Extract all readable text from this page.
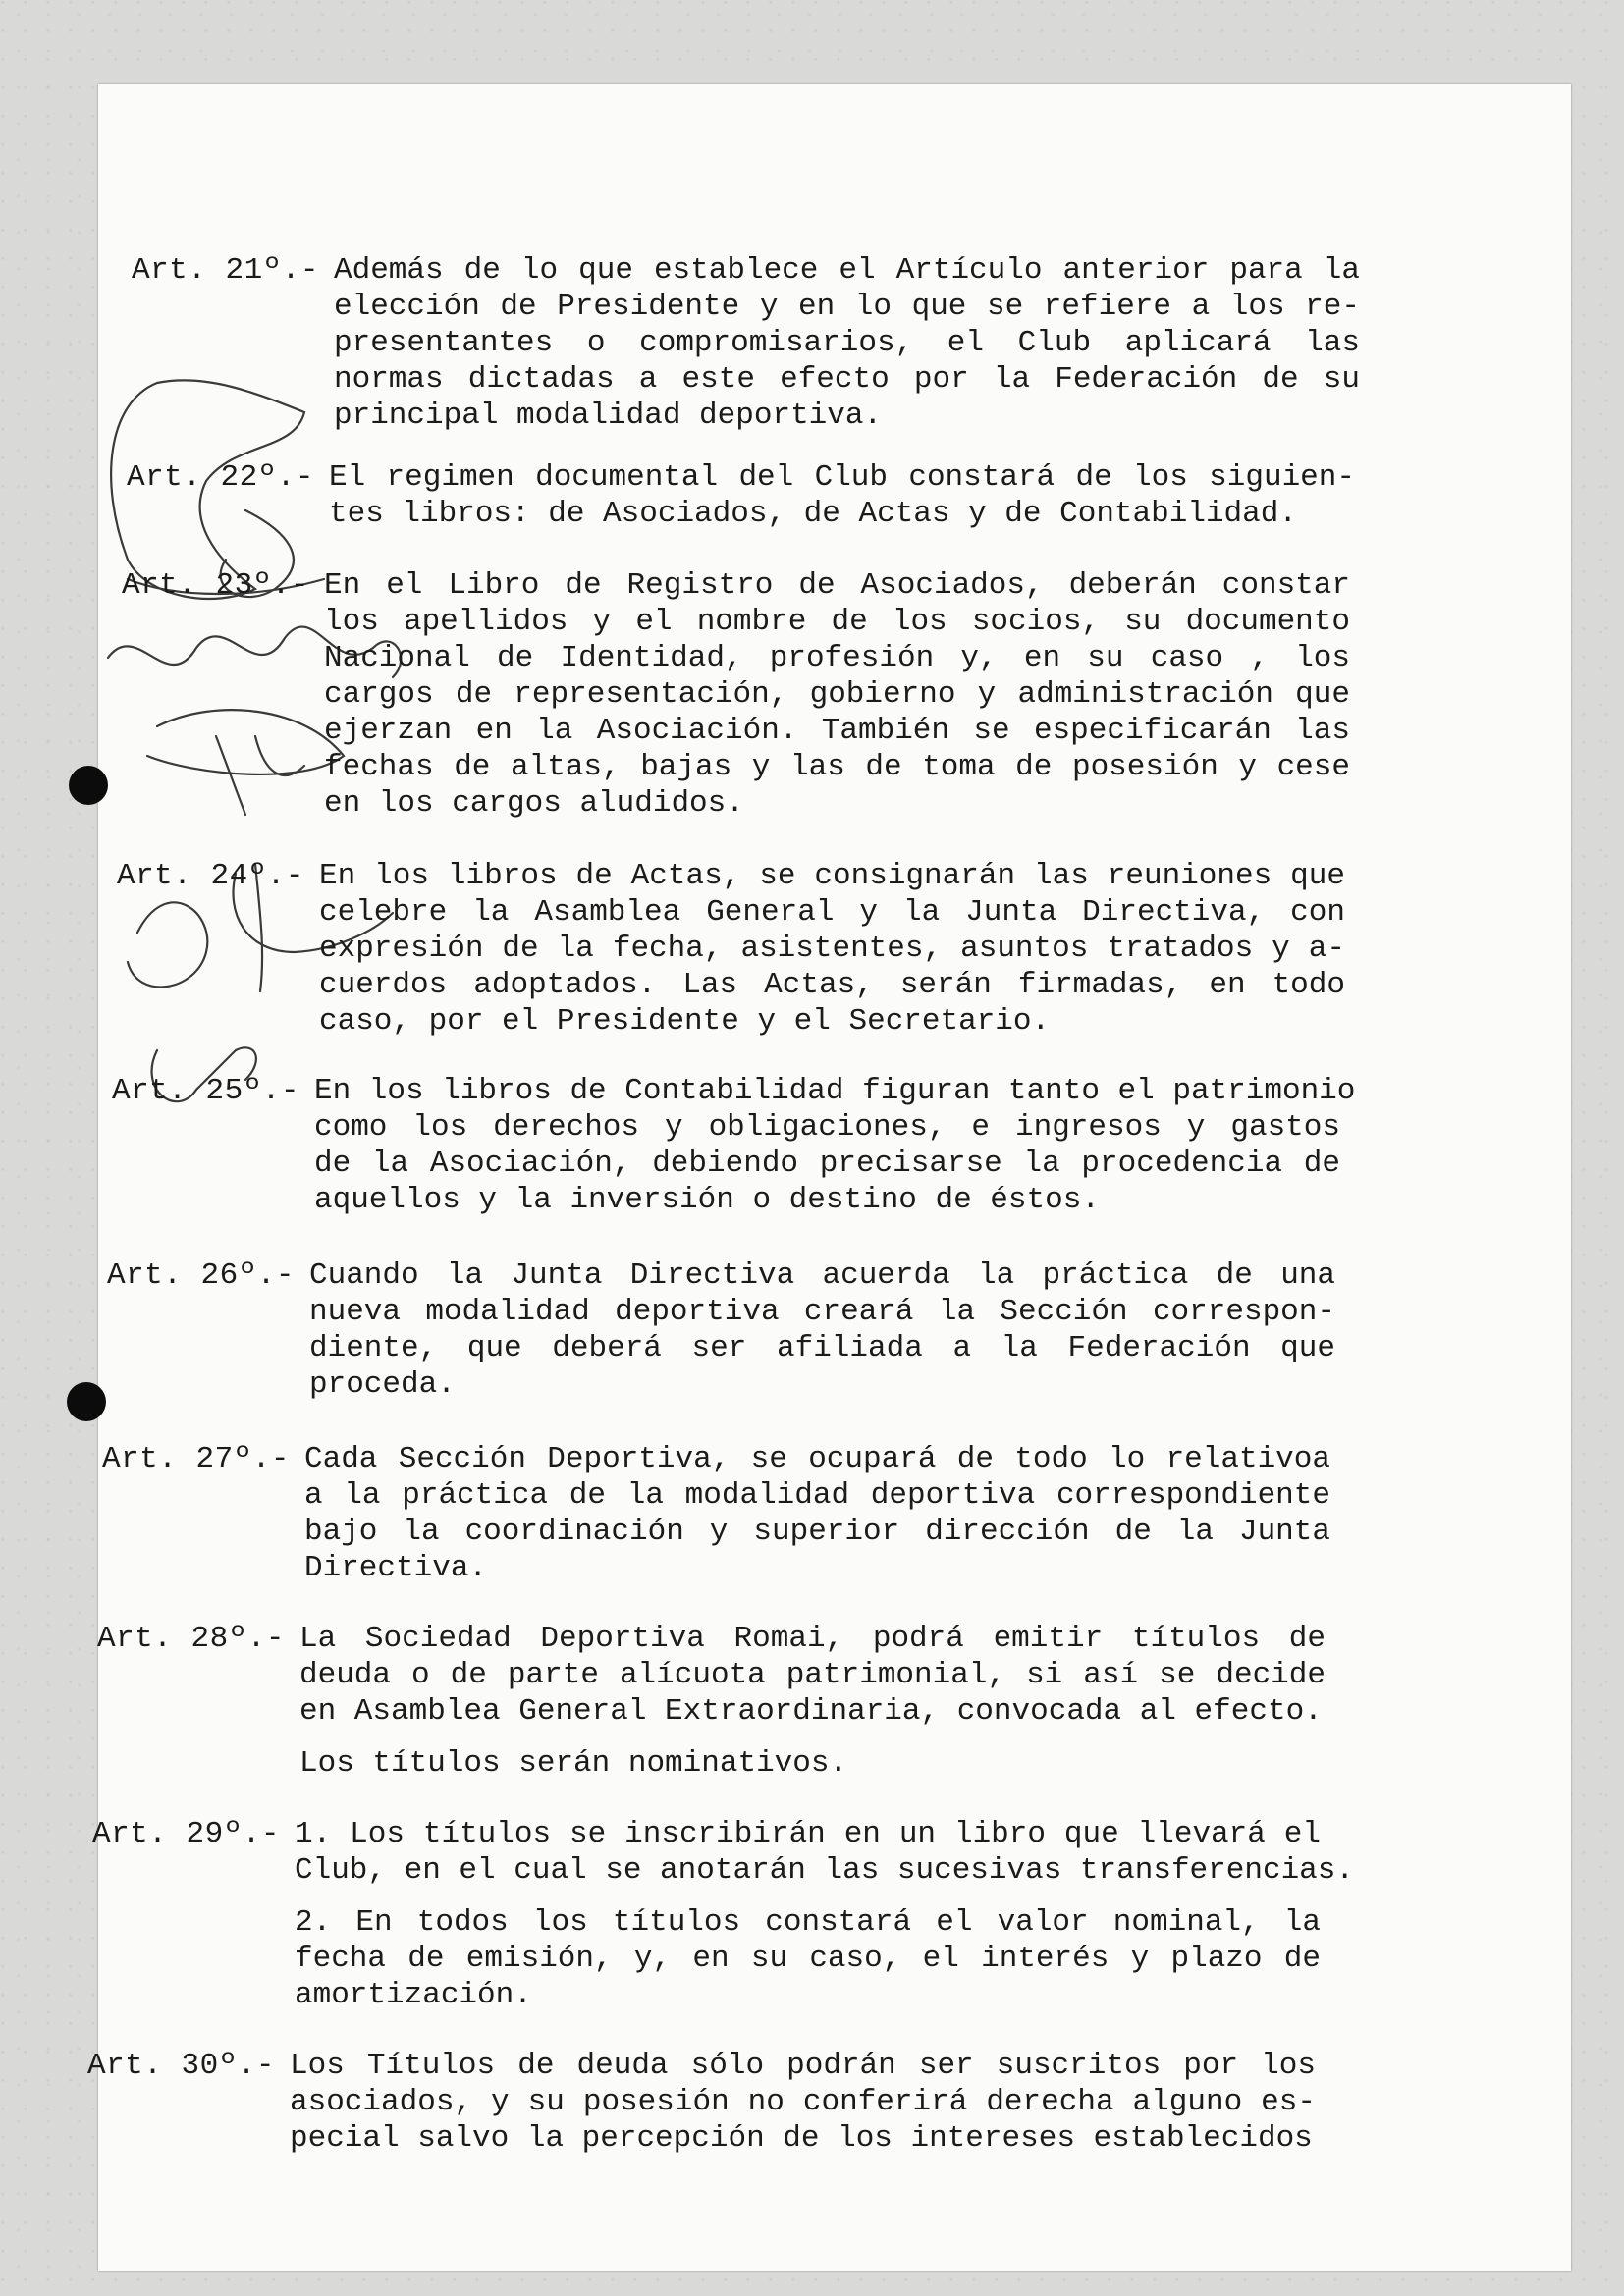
Art. 21º.- Además de lo que establece el Artículo anterior para la
elección de Presidente y en lo que se refiere a los re-
presentantes o compromisarios, el Club aplicará las
normas dictadas a este efecto por la Federación de su
principal modalidad deportiva.
Art. 22º.- El regimen documental del Club constará de los siguien-
tes libros: de Asociados, de Actas y de Contabilidad.
Art. 23º.- En el Libro de Registro de Asociados, deberán constar
los apellidos y el nombre de los socios, su documento
Nacional de Identidad, profesión y, en su caso , los
cargos de representación, gobierno y administración que
ejerzan en la Asociación. También se especificarán las
fechas de altas, bajas y las de toma de posesión y cese
en los cargos aludidos.
Art. 24º.- En los libros de Actas, se consignarán las reuniones que
celebre la Asamblea General y la Junta Directiva, con
expresión de la fecha, asistentes, asuntos tratados y a-
cuerdos adoptados. Las Actas, serán firmadas, en todo
caso, por el Presidente y el Secretario.
Art. 25º.- En los libros de Contabilidad figuran tanto el patrimonio
como los derechos y obligaciones, e ingresos y gastos
de la Asociación, debiendo precisarse la procedencia de
aquellos y la inversión o destino de éstos.
Art. 26º.- Cuando la Junta Directiva acuerda la práctica de una
nueva modalidad deportiva creará la Sección correspon-
diente, que deberá ser afiliada a la Federación que
proceda.
Art. 27º.- Cada Sección Deportiva, se ocupará de todo lo relativoa
a la práctica de la modalidad deportiva correspondiente
bajo la coordinación y superior dirección de la Junta
Directiva.
Art. 28º.- La Sociedad Deportiva Romai, podrá emitir títulos de
deuda o de parte alícuota patrimonial, si así se decide
en Asamblea General Extraordinaria, convocada al efecto.
Los títulos serán nominativos.
Art. 29º.- 1. Los títulos se inscribirán en un libro que llevará el
Club, en el cual se anotarán las sucesivas transferencias.
2. En todos los títulos constará el valor nominal, la
fecha de emisión, y, en su caso, el interés y plazo de
amortización.
Art. 30º.- Los Títulos de deuda sólo podrán ser suscritos por los
asociados, y su posesión no conferirá derecha alguno es-
pecial salvo la percepción de los intereses establecidos
